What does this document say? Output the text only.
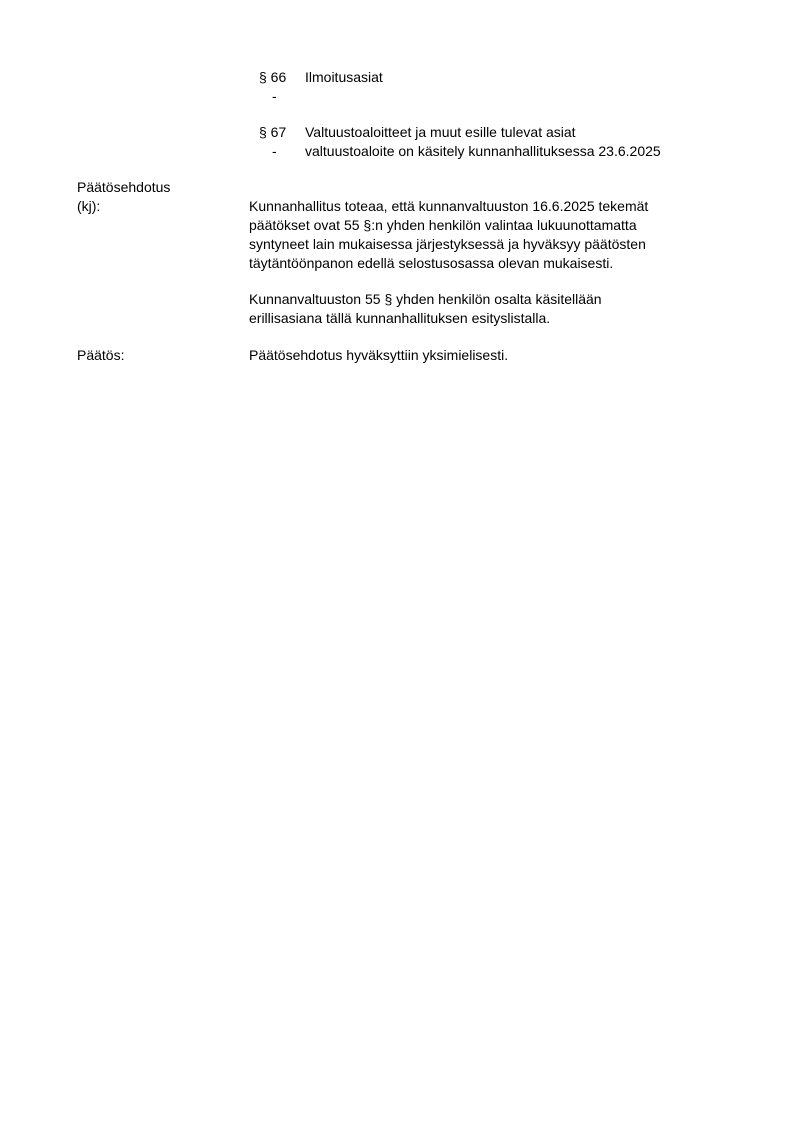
§ 66 Ilmoitusasiat
-
§ 67 Valtuustoaloitteet ja muut esille tulevat asiat
- valtuustoaloite on käsitely kunnanhallituksessa 23.6.2025
Päätösehdotus
(kj):	Kunnanhallitus toteaa, että kunnanvaltuuston 16.6.2025 tekemät
päätökset ovat 55 §:n yhden henkilön valintaa lukuunottamatta
syntyneet lain mukaisessa järjestyksessä ja hyväksyy päätösten
täytäntöönpanon edellä selostusosassa olevan mukaisesti.
Kunnanvaltuuston 55 § yhden henkilön osalta käsitellään
erillisasiana tällä kunnanhallituksen esityslistalla.
Päätös:	Päätösehdotus hyväksyttiin yksimielisesti.
